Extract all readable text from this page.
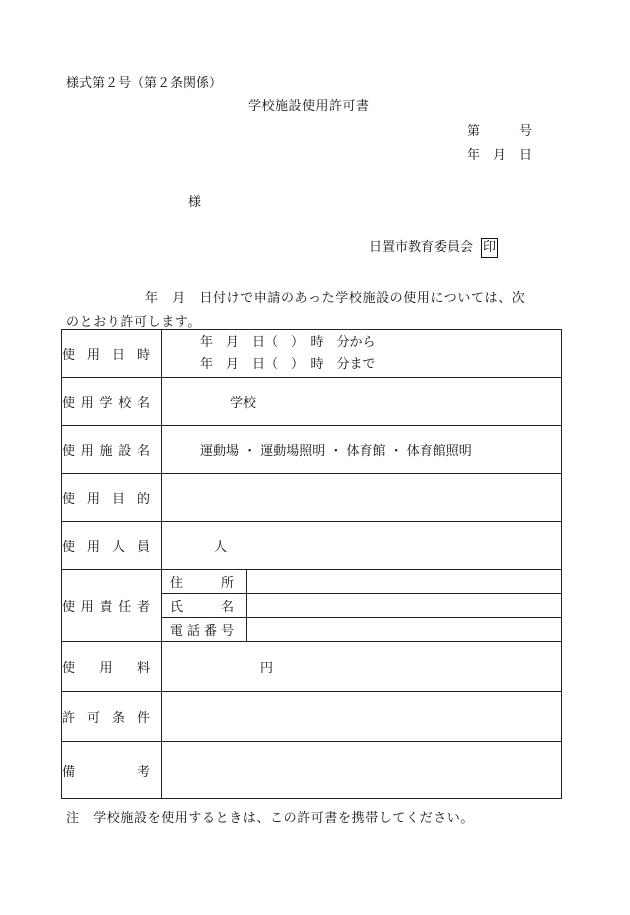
様式第２号（第２条関係）
学校施設使用許可書
第　　　号
年　月　日
様
日置市教育委員会 印
年　月　日付けで申請のあった学校施設の使用については、次
のとおり許可します。
使 用 日 時	年　月　日（　）　時　分から
年　月　日（　）　時　分まで	

使 用 学 校 名	学校	

使 用 施 設 名	運動場 ・ 運動場照明 ・ 体育館 ・ 体育館照明	

使 用 目 的		

使 用 人 員	人	

使 用 責 任 者	住 所	

	氏 名	

	電 話 番 号	

使 用 料	円	

許 可 条 件		

備 考		

注　学校施設を使用するときは、この許可書を携帯してください。
